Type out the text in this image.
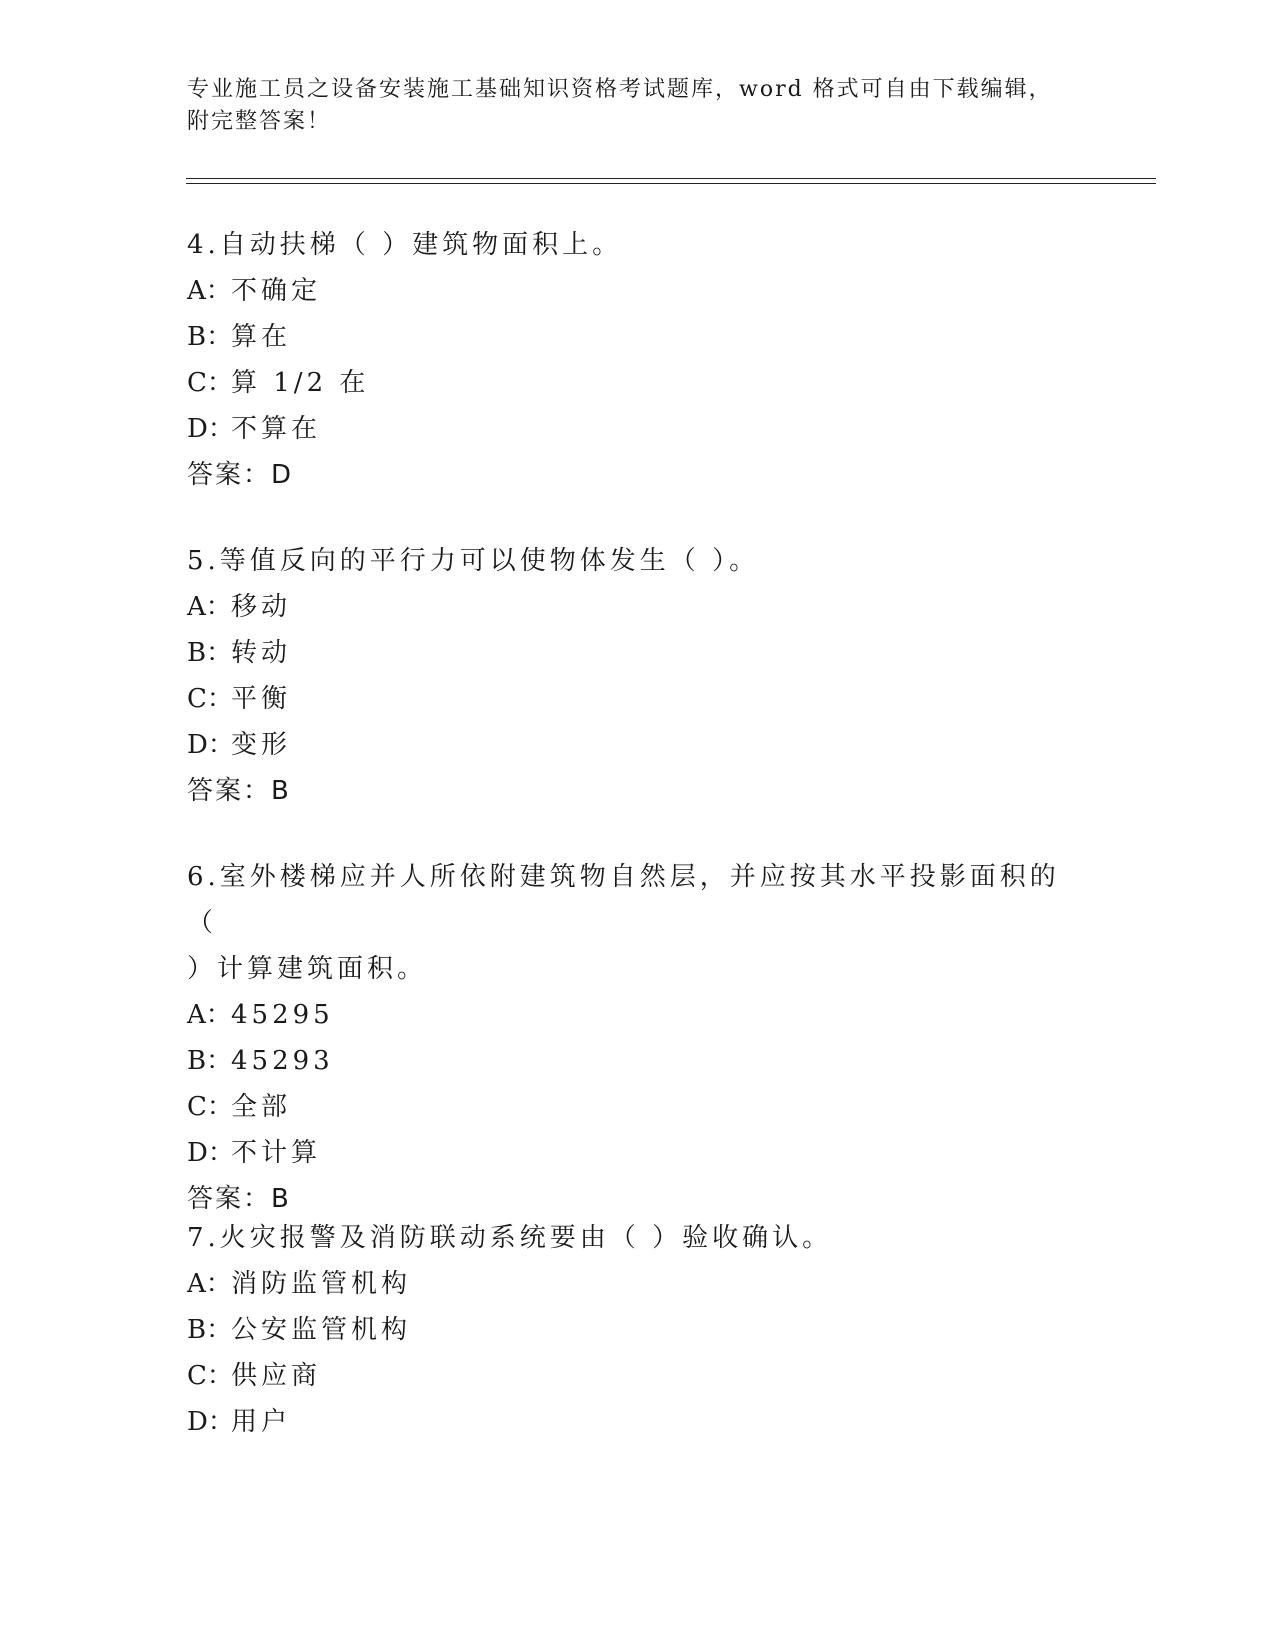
专业施工员之设备安装施工基础知识资格考试题库，word 格式可自由下载编辑，
附完整答案！

4.自动扶梯（ ）建筑物面积上。

A：不确定

B：算在

C：算 1/2 在

D：不算在

答案：D

5.等值反向的平行力可以使物体发生（ ）。

A：移动

B：转动

C：平衡

D：变形

答案：B

6.室外楼梯应并人所依附建筑物自然层，并应按其水平投影面积的（

）计算建筑面积。

A：45295

B：45293

C：全部

D：不计算

答案：B

7.火灾报警及消防联动系统要由（ ）验收确认。

A：消防监管机构

B：公安监管机构

C：供应商

D：用户
